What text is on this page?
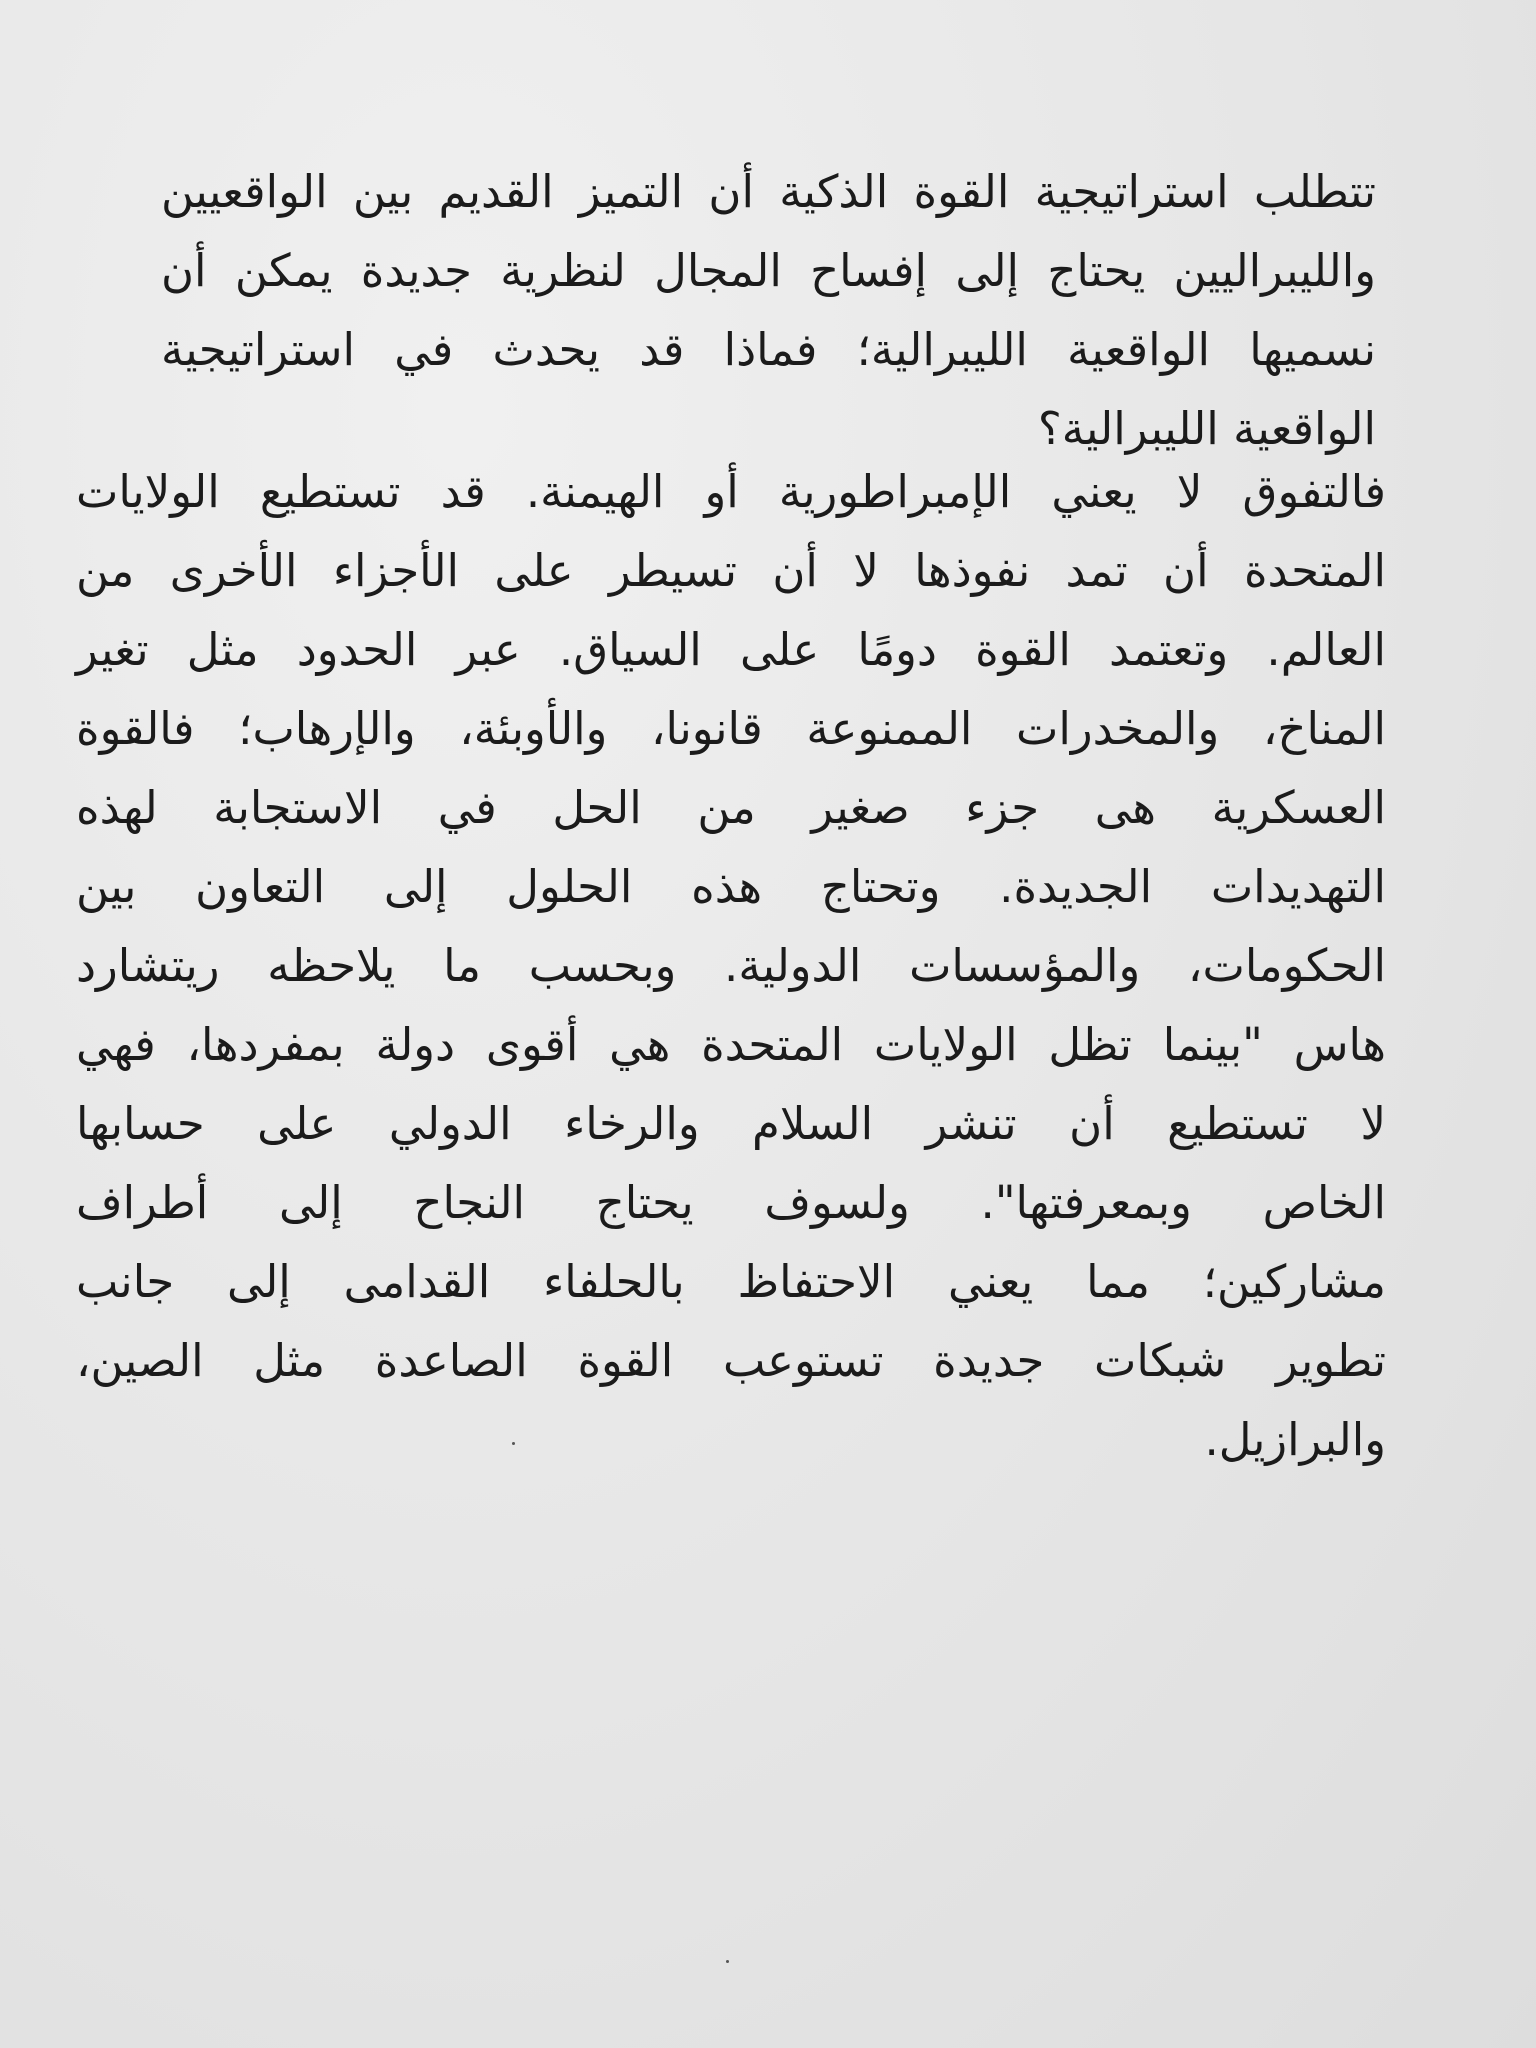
تتطلب استراتيجية القوة الذكية أن التميز القديم بين الواقعيين
والليبراليين يحتاج إلى إفساح المجال لنظرية جديدة يمكن أن
نسميها الواقعية الليبرالية؛ فماذا قد يحدث في استراتيجية
الواقعية الليبرالية؟
فالتفوق لا يعني الإمبراطورية أو الهيمنة. قد تستطيع الولايات
المتحدة أن تمد نفوذها لا أن تسيطر على الأجزاء الأخرى من
العالم. وتعتمد القوة دومًا على السياق. عبر الحدود مثل تغير
المناخ، والمخدرات الممنوعة قانونا، والأوبئة، والإرهاب؛ فالقوة
العسكرية هى جزء صغير من الحل في الاستجابة لهذه
التهديدات الجديدة. وتحتاج هذه الحلول إلى التعاون بين
الحكومات، والمؤسسات الدولية. وبحسب ما يلاحظه ريتشارد
هاس "بينما تظل الولايات المتحدة هي أقوى دولة بمفردها، فهي
لا تستطيع أن تنشر السلام والرخاء الدولي على حسابها
الخاص وبمعرفتها". ولسوف يحتاج النجاح إلى أطراف
مشاركين؛ مما يعني الاحتفاظ بالحلفاء القدامى إلى جانب
تطوير شبكات جديدة تستوعب القوة الصاعدة مثل الصين،
والبرازيل.
